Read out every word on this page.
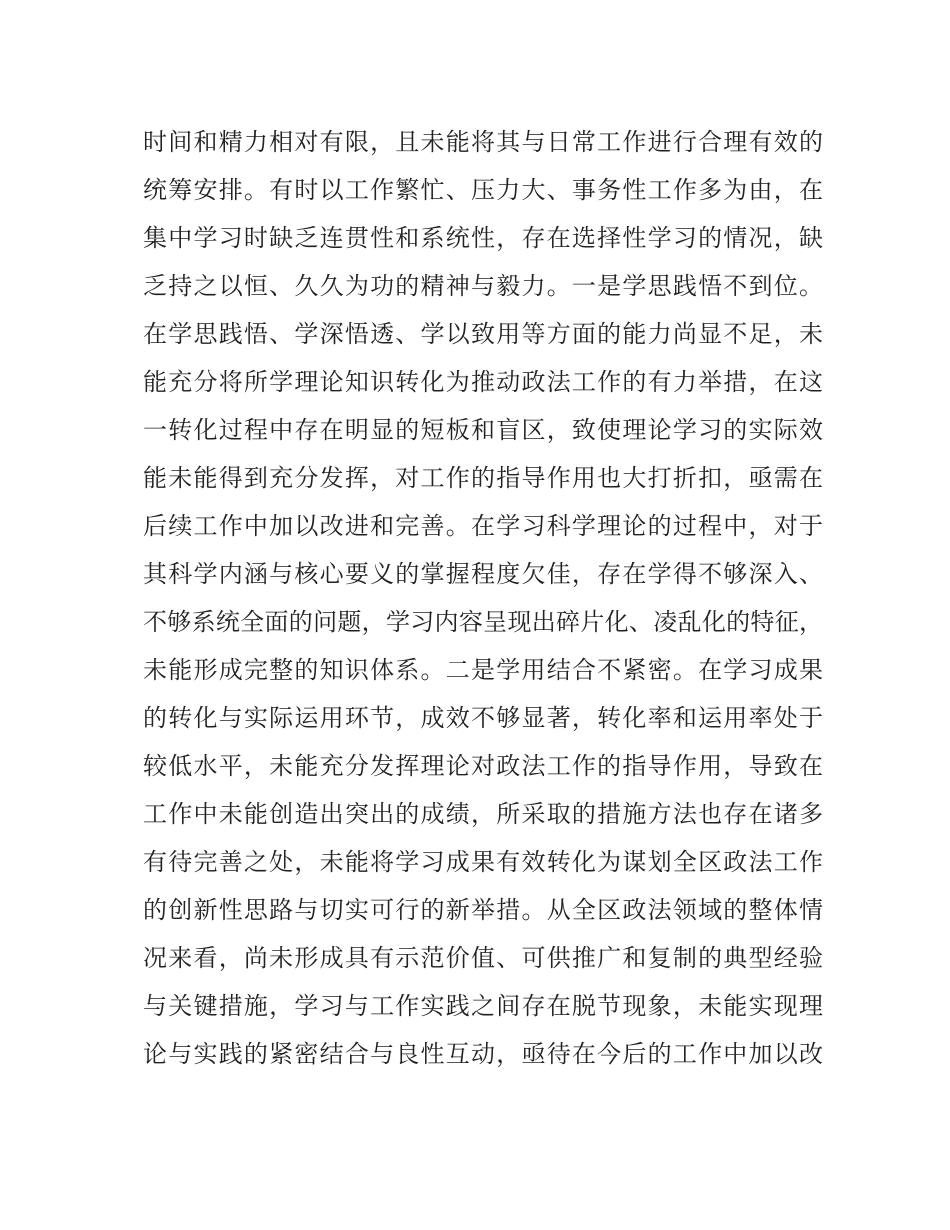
时间和精力相对有限，且未能将其与日常工作进行合理有效的
统筹安排。有时以工作繁忙、压力大、事务性工作多为由，在
集中学习时缺乏连贯性和系统性，存在选择性学习的情况，缺
乏持之以恒、久久为功的精神与毅力。一是学思践悟不到位。
在学思践悟、学深悟透、学以致用等方面的能力尚显不足，未
能充分将所学理论知识转化为推动政法工作的有力举措，在这
一转化过程中存在明显的短板和盲区，致使理论学习的实际效
能未能得到充分发挥，对工作的指导作用也大打折扣，亟需在
后续工作中加以改进和完善。在学习科学理论的过程中，对于
其科学内涵与核心要义的掌握程度欠佳，存在学得不够深入、
不够系统全面的问题，学习内容呈现出碎片化、凌乱化的特征，
未能形成完整的知识体系。二是学用结合不紧密。在学习成果
的转化与实际运用环节，成效不够显著，转化率和运用率处于
较低水平，未能充分发挥理论对政法工作的指导作用，导致在
工作中未能创造出突出的成绩，所采取的措施方法也存在诸多
有待完善之处，未能将学习成果有效转化为谋划全区政法工作
的创新性思路与切实可行的新举措。从全区政法领域的整体情
况来看，尚未形成具有示范价值、可供推广和复制的典型经验
与关键措施，学习与工作实践之间存在脱节现象，未能实现理
论与实践的紧密结合与良性互动，亟待在今后的工作中加以改
